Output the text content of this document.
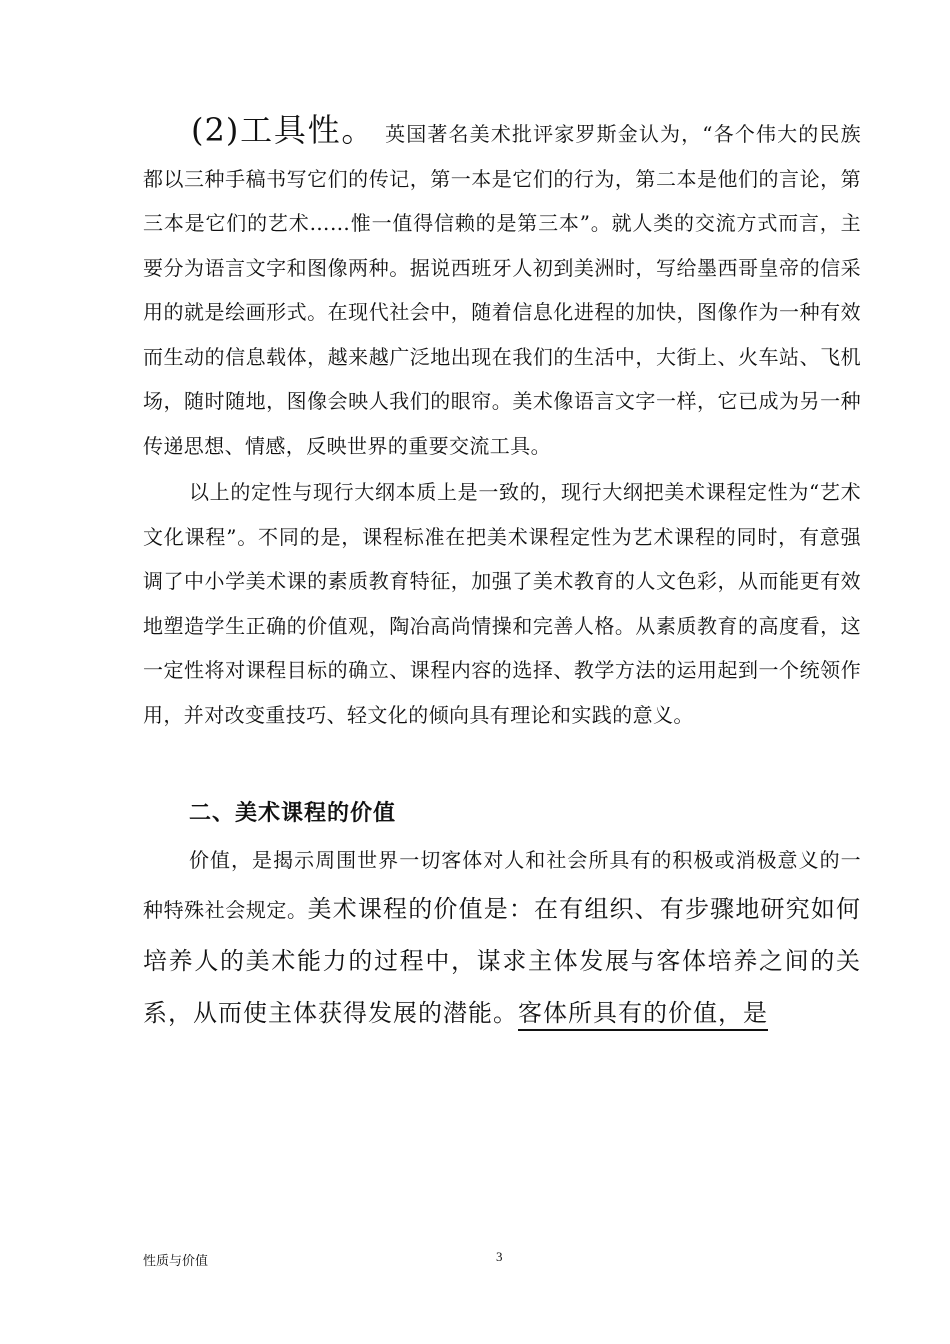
(2)工具性。 英国著名美术批评家罗斯金认为，“各个伟大的民族都以三种手稿书写它们的传记，第一本是它们的行为，第二本是他们的言论，第三本是它们的艺术……惟一值得信赖的是第三本”。就人类的交流方式而言，主要分为语言文字和图像两种。据说西班牙人初到美洲时，写给墨西哥皇帝的信采用的就是绘画形式。在现代社会中，随着信息化进程的加快，图像作为一种有效而生动的信息载体，越来越广泛地出现在我们的生活中，大街上、火车站、飞机场，随时随地，图像会映人我们的眼帘。美术像语言文字一样，它已成为另一种传递思想、情感，反映世界的重要交流工具。

以上的定性与现行大纲本质上是一致的，现行大纲把美术课程定性为“艺术文化课程”。不同的是，课程标准在把美术课程定性为艺术课程的同时，有意强调了中小学美术课的素质教育特征，加强了美术教育的人文色彩，从而能更有效地塑造学生正确的价值观，陶冶高尚情操和完善人格。从素质教育的高度看，这一定性将对课程目标的确立、课程内容的选择、教学方法的运用起到一个统领作用，并对改变重技巧、轻文化的倾向具有理论和实践的意义。

二、美术课程的价值

价值，是揭示周围世界一切客体对人和社会所具有的积极或消极意义的一种特殊社会规定。美术课程的价值是：在有组织、有步骤地研究如何培养人的美术能力的过程中，谋求主体发展与客体培养之间的关系，从而使主体获得发展的潜能。客体所具有的价值，是

性质与价值	3
